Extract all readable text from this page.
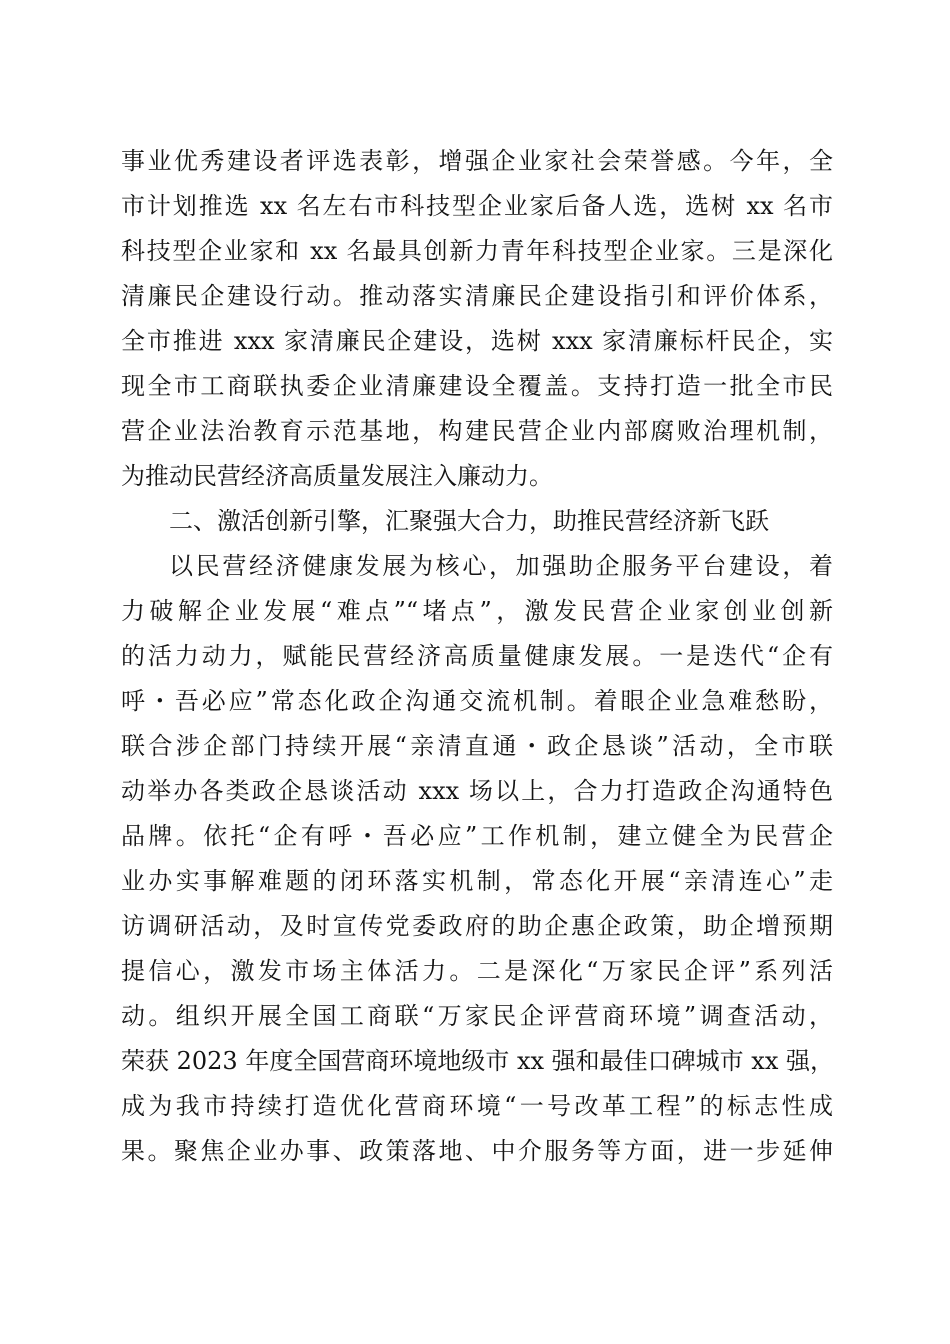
事业优秀建设者评选表彰，增强企业家社会荣誉感。今年，全
市计划推选 xx 名左右市科技型企业家后备人选，选树 xx 名市
科技型企业家和 xx 名最具创新力青年科技型企业家。三是深化
清廉民企建设行动。推动落实清廉民企建设指引和评价体系，
全市推进 xxx 家清廉民企建设，选树 xxx 家清廉标杆民企，实
现全市工商联执委企业清廉建设全覆盖。支持打造一批全市民
营企业法治教育示范基地，构建民营企业内部腐败治理机制，
为推动民营经济高质量发展注入廉动力。
二、激活创新引擎，汇聚强大合力，助推民营经济新飞跃
以民营经济健康发展为核心，加强助企服务平台建设，着
力破解企业发展“难点”“堵点”，激发民营企业家创业创新
的活力动力，赋能民营经济高质量健康发展。一是迭代“企有
呼・吾必应”常态化政企沟通交流机制。着眼企业急难愁盼，
联合涉企部门持续开展“亲清直通・政企恳谈”活动，全市联
动举办各类政企恳谈活动 xxx 场以上，合力打造政企沟通特色
品牌。依托“企有呼・吾必应”工作机制，建立健全为民营企
业办实事解难题的闭环落实机制，常态化开展“亲清连心”走
访调研活动，及时宣传党委政府的助企惠企政策，助企增预期
提信心，激发市场主体活力。二是深化“万家民企评”系列活
动。组织开展全国工商联“万家民企评营商环境”调查活动，
荣获 2023 年度全国营商环境地级市 xx 强和最佳口碑城市 xx 强，
成为我市持续打造优化营商环境“一号改革工程”的标志性成
果。聚焦企业办事、政策落地、中介服务等方面，进一步延伸
